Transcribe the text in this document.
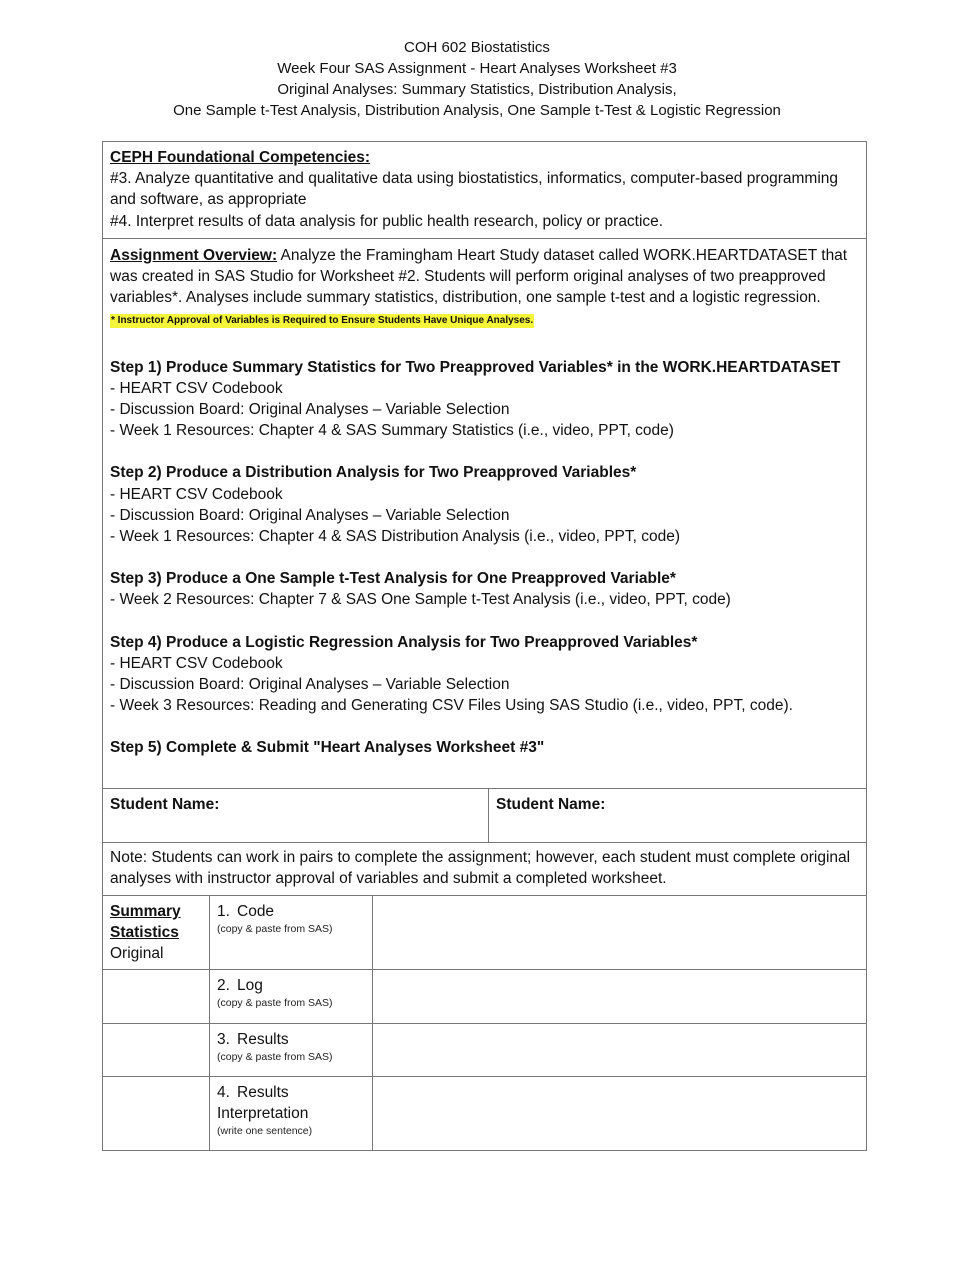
COH 602 Biostatistics
Week Four SAS Assignment - Heart Analyses Worksheet #3
Original Analyses: Summary Statistics, Distribution Analysis,
One Sample t-Test Analysis, Distribution Analysis, One Sample t-Test & Logistic Regression
CEPH Foundational Competencies:
#3. Analyze quantitative and qualitative data using biostatistics, informatics, computer-based programming and software, as appropriate
#4. Interpret results of data analysis for public health research, policy or practice.
Assignment Overview: Analyze the Framingham Heart Study dataset called WORK.HEARTDATASET that was created in SAS Studio for Worksheet #2. Students will perform original analyses of two preapproved variables*. Analyses include summary statistics, distribution, one sample t-test and a logistic regression.
* Instructor Approval of Variables is Required to Ensure Students Have Unique Analyses.
Step 1) Produce Summary Statistics for Two Preapproved Variables* in the WORK.HEARTDATASET
- HEART CSV Codebook
- Discussion Board: Original Analyses – Variable Selection
- Week 1 Resources: Chapter 4 & SAS Summary Statistics (i.e., video, PPT, code)
Step 2) Produce a Distribution Analysis for Two Preapproved Variables*
- HEART CSV Codebook
- Discussion Board: Original Analyses – Variable Selection
- Week 1 Resources: Chapter 4 & SAS Distribution Analysis (i.e., video, PPT, code)
Step 3) Produce a One Sample t-Test Analysis for One Preapproved Variable*
- Week 2 Resources: Chapter 7 & SAS One Sample t-Test Analysis (i.e., video, PPT, code)
Step 4) Produce a Logistic Regression Analysis for Two Preapproved Variables*
- HEART CSV Codebook
- Discussion Board: Original Analyses – Variable Selection
- Week 3 Resources: Reading and Generating CSV Files Using SAS Studio (i.e., video, PPT, code).
Step 5) Complete & Submit "Heart Analyses Worksheet #3"
Student Name:	Student Name:
Note: Students can work in pairs to complete the assignment; however, each student must complete original analyses with instructor approval of variables and submit a completed worksheet.
Summary
Statistics
Original
1. Code
(copy & paste from SAS)
2. Log
(copy & paste from SAS)
3. Results
(copy & paste from SAS)
4. Results
Interpretation
(write one sentence)
